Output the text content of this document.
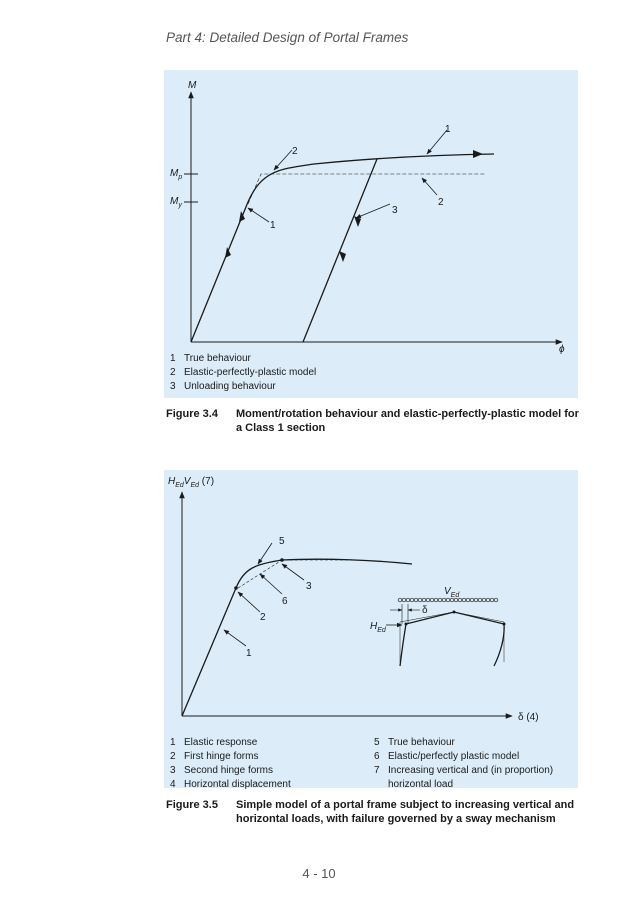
Part 4: Detailed Design of Portal Frames
M
ϕ
$M_p$
$M_y$
1
2
1
2
3
1 True behaviour
2 Elastic-perfectly-plastic model
3 Unloading behaviour
Figure 3.4 Moment/rotation behaviour and elastic-perfectly-plastic model for a Class 1 section
$H_{Ed}V_{Ed}$ (7)
δ (4)
5
3
6
2
1
$V_{Ed}$
δ
$H_{Ed}$
1 Elastic response
2 First hinge forms
3 Second hinge forms
4 Horizontal displacement
5 True behaviour
6 Elastic/perfectly plastic model
7 Increasing vertical and (in proportion) horizontal load
Figure 3.5 Simple model of a portal frame subject to increasing vertical and horizontal loads, with failure governed by a sway mechanism
4 - 10
